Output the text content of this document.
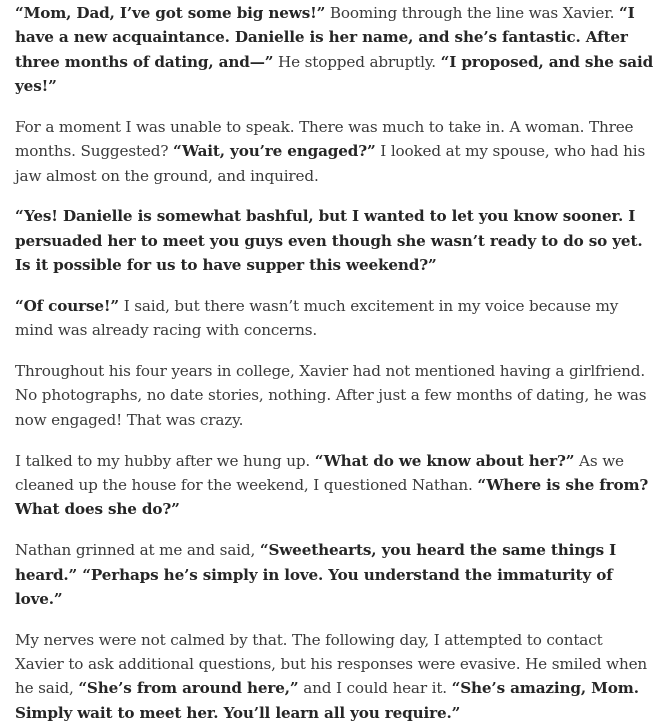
“Mom, Dad, I’ve got some big news!” Booming through the line was Xavier. “I have a new acquaintance. Danielle is her name, and she’s fantastic. After three months of dating, and—” He stopped abruptly. “I proposed, and she said yes!”

For a moment I was unable to speak. There was much to take in. A woman. Three months. Suggested? “Wait, you’re engaged?” I looked at my spouse, who had his jaw almost on the ground, and inquired.

“Yes! Danielle is somewhat bashful, but I wanted to let you know sooner. I persuaded her to meet you guys even though she wasn’t ready to do so yet. Is it possible for us to have supper this weekend?”

“Of course!” I said, but there wasn’t much excitement in my voice because my mind was already racing with concerns.

Throughout his four years in college, Xavier had not mentioned having a girlfriend. No photographs, no date stories, nothing. After just a few months of dating, he was now engaged! That was crazy.

I talked to my hubby after we hung up. “What do we know about her?” As we cleaned up the house for the weekend, I questioned Nathan. “Where is she from? What does she do?”

Nathan grinned at me and said, “Sweethearts, you heard the same things I heard.” “Perhaps he’s simply in love. You understand the immaturity of love.”

My nerves were not calmed by that. The following day, I attempted to contact Xavier to ask additional questions, but his responses were evasive. He smiled when he said, “She’s from around here,” and I could hear it. “She’s amazing, Mom. Simply wait to meet her. You’ll learn all you require.”
